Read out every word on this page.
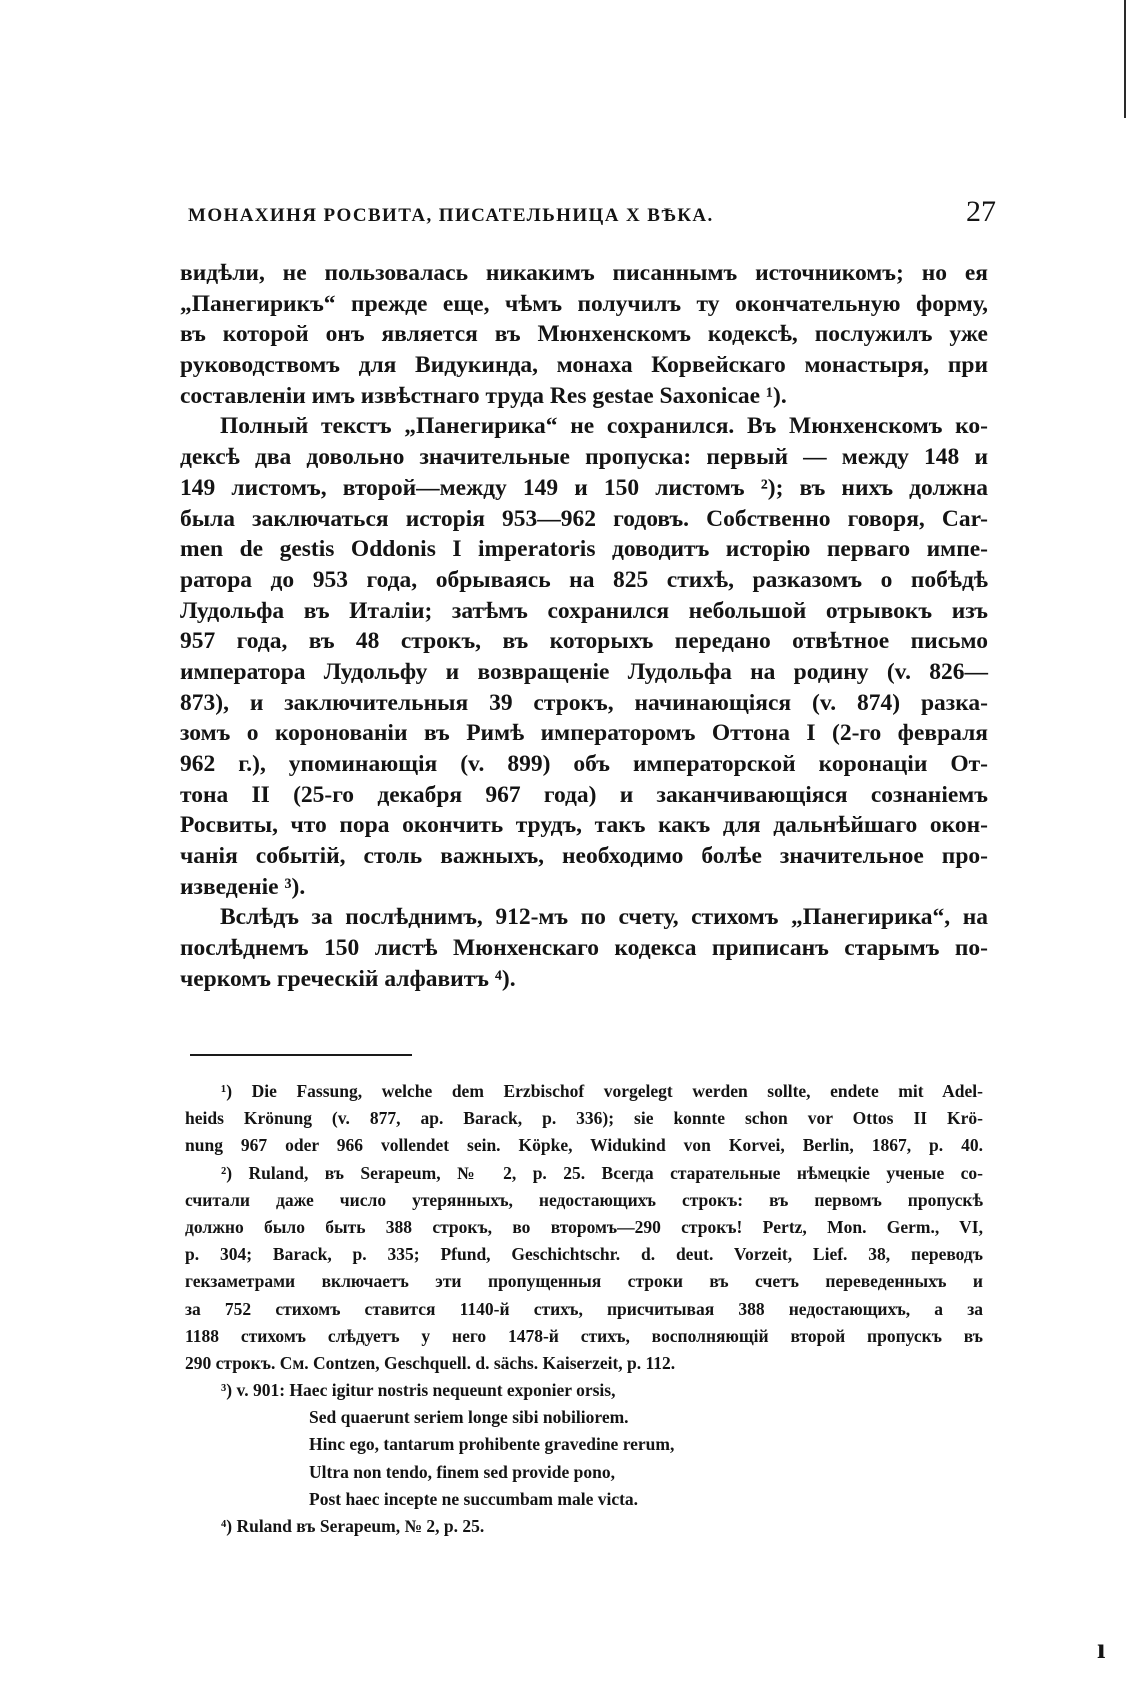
ı
МОНАХИНЯ РОСВИТА, ПИСАТЕЛЬНИЦА X ВѢКА.	27
видѣли, не пользовалась никакимъ писаннымъ источникомъ; но ея
„Панегирикъ“ прежде еще, чѣмъ получилъ ту окончательную форму,
въ которой онъ является въ Мюнхенскомъ кодексѣ, послужилъ уже
руководствомъ для Видукинда, монаха Корвейскаго монастыря, при
составленіи имъ извѣстнаго труда Res gestae Saxonicae ¹).
Полный текстъ „Панегирика“ не сохранился. Въ Мюнхенскомъ ко-
дексѣ два довольно значительные пропуска: первый — между 148 и
149 листомъ, второй—между 149 и 150 листомъ ²); въ нихъ должна
была заключаться исторія 953—962 годовъ. Собственно говоря, Car-
men de gestis Oddonis I imperatoris доводитъ исторію перваго импе-
ратора до 953 года, обрываясь на 825 стихѣ, разказомъ о побѣдѣ
Лудольфа въ Италіи; затѣмъ сохранился небольшой отрывокъ изъ
957 года, въ 48 строкъ, въ которыхъ передано отвѣтное письмо
императора Лудольфу и возвращеніе Лудольфа на родину (v. 826—
873), и заключительныя 39 строкъ, начинающіяся (v. 874) разка-
зомъ о короновaніи въ Римѣ императоромъ Оттона I (2-го февраля
962 г.), упоминающія (v. 899) объ императорской коронаціи От-
тона II (25-го декабря 967 года) и заканчивающіяся сознаніемъ
Росвиты, что пора окончить трудъ, такъ какъ для дальнѣйшаго окон-
чанія событій, столь важныхъ, необходимо болѣе значительное про-
изведеніе ³).
Вслѣдъ за послѣднимъ, 912-мъ по счету, стихомъ „Панегирика“, на
послѣднемъ 150 листѣ Мюнхенскаго кодекса приписанъ старымъ по-
черкомъ греческій алфавитъ ⁴).
¹) Die Fassung, welche dem Erzbischof vorgelegt werden sollte, endete mit Adel-
heids Krönung (v. 877, ap. Barack, p. 336); sie konnte schon vor Ottos II Krö-
nung 967 oder 966 vollendet sein. Köpke, Widukind von Korvei, Berlin, 1867, p. 40.
²) Ruland, въ Serapeum, № 2, p. 25. Всегда старательные нѣмецкіе ученые со-
считали даже число утерянныхъ, недостающихъ строкъ: въ первомъ пропускѣ
должно было быть 388 строкъ, во второмъ—290 строкъ! Pertz, Mon. Germ., VI,
p. 304; Barack, p. 335; Pfund, Geschichtschr. d. deut. Vorzeit, Lief. 38, переводъ
гекзаметрами включаетъ эти пропущенныя строки въ счетъ переведенныхъ и
за 752 стихомъ ставится 1140-й стихъ, присчитывая 388 недостающихъ, а за
1188 стихомъ слѣдуетъ у него 1478-й стихъ, восполняющій второй пропускъ въ
290 строкъ. См. Contzen, Geschquell. d. sächs. Kaiserzeit, p. 112.
³) v. 901: Haec igitur nostris nequeunt exponier orsis,
Sed quaerunt seriem longe sibi nobiliorem.
Hinc ego, tantarum prohibente gravedine rerum,
Ultra non tendo, finem sed provide pono,
Post haec incepte ne succumbam male victa.
⁴) Ruland въ Serapeum, № 2, p. 25.
